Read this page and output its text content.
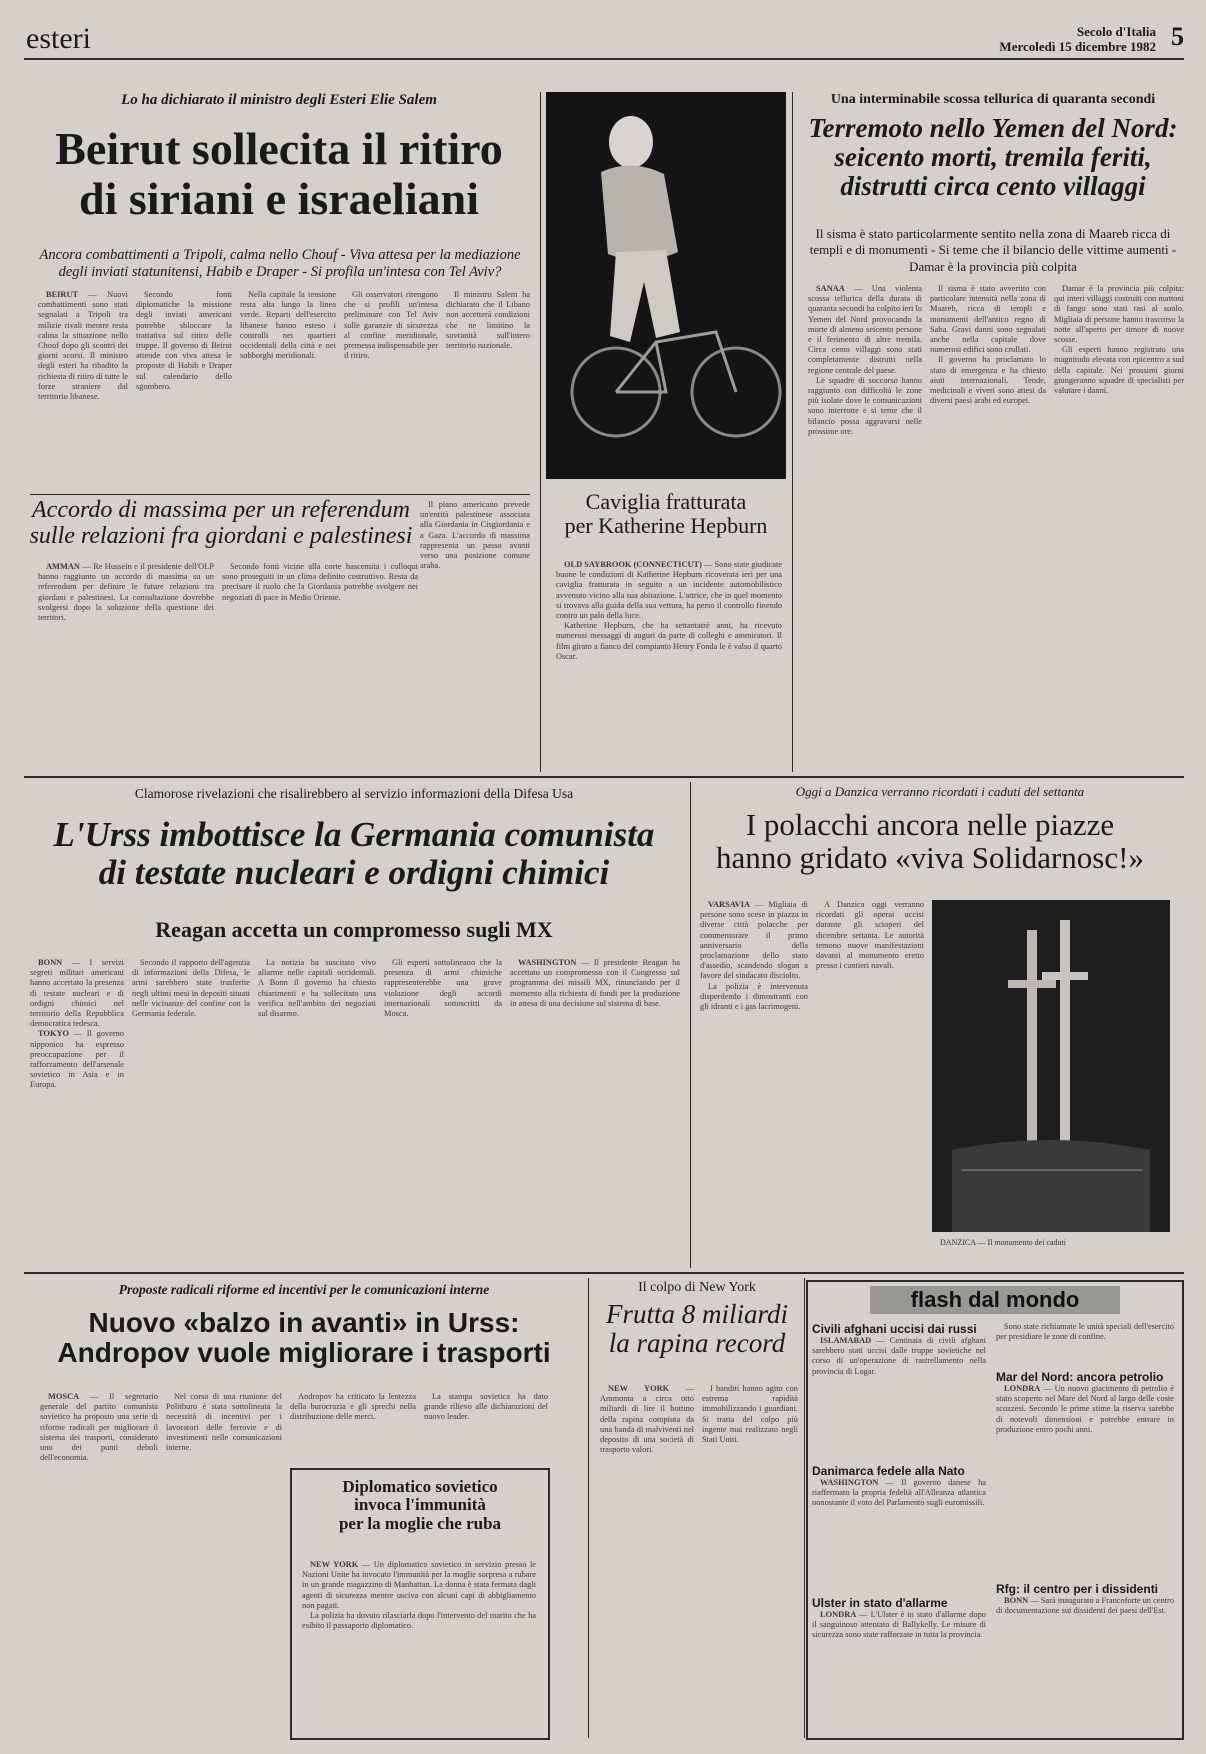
esteri	Secolo d'Italia
Mercoledì 15 dicembre 1982 5
Lo ha dichiarato il ministro degli Esteri Elie Salem
Beirut sollecita il ritiro
di siriani e israeliani
Ancora combattimenti a Tripoli, calma nello Chouf - Viva attesa per la mediazione degli inviati statunitensi, Habib e Draper - Si profila un'intesa con Tel Aviv?

BEIRUT — Nuovi combattimenti sono stati segnalati a Tripoli tra milizie rivali mentre resta calma la situazione nello Chouf dopo gli scontri dei giorni scorsi. Il ministro degli esteri ha ribadito la richiesta di ritiro di tutte le forze straniere dal territorio libanese.

Secondo fonti diplomatiche la missione degli inviati americani potrebbe sbloccare la trattativa sul ritiro delle truppe. Il governo di Beirut attende con viva attesa le proposte di Habib e Draper sul calendario dello sgombero.

Nella capitale la tensione resta alta lungo la linea verde. Reparti dell'esercito libanese hanno esteso i controlli nei quartieri occidentali della città e nei sobborghi meridionali.

Gli osservatori ritengono che si profili un'intesa preliminare con Tel Aviv sulle garanzie di sicurezza al confine meridionale, premessa indispensabile per il ritiro.

Il ministro Salem ha dichiarato che il Libano non accetterà condizioni che ne limitino la sovranità sull'intero territorio nazionale.

Accordo di massima per un referendum
sulle relazioni fra giordani e palestinesi

AMMAN — Re Hussein e il presidente dell'OLP hanno raggiunto un accordo di massima su un referendum per definire le future relazioni tra giordani e palestinesi. La consultazione dovrebbe svolgersi dopo la soluzione della questione dei territori.

Secondo fonti vicine alla corte hascemita i colloqui sono proseguiti in un clima definito costruttivo. Resta da precisare il ruolo che la Giordania potrebbe svolgere nei negoziati di pace in Medio Oriente.

Il piano americano prevede un'entità palestinese associata alla Giordania in Cisgiordania e a Gaza. L'accordo di massima rappresenta un passo avanti verso una posizione comune araba.

Caviglia fratturata
per Katherine Hepburn

OLD SAYBROOK (CONNECTICUT) — Sono state giudicate buone le condizioni di Katherine Hepburn ricoverata ieri per una caviglia fratturata in seguito a un incidente automobilistico avvenuto vicino alla sua abitazione. L'attrice, che in quel momento si trovava alla guida della sua vettura, ha perso il controllo finendo contro un palo della luce.

Katherine Hepburn, che ha settantatré anni, ha ricevuto numerosi messaggi di auguri da parte di colleghi e ammiratori. Il film girato a fianco del compianto Henry Fonda le è valso il quarto Oscar.

Una interminabile scossa tellurica di quaranta secondi
Terremoto nello Yemen del Nord:
seicento morti, tremila feriti,
distrutti circa cento villaggi
Il sisma è stato particolarmente sentito nella zona di Maareb ricca di templi e di monumenti - Si teme che il bilancio delle vittime aumenti - Damar è la provincia più colpita

SANAA — Una violenta scossa tellurica della durata di quaranta secondi ha colpito ieri lo Yemen del Nord provocando la morte di almeno seicento persone e il ferimento di altre tremila. Circa cento villaggi sono stati completamente distrutti nella regione centrale del paese.

Le squadre di soccorso hanno raggiunto con difficoltà le zone più isolate dove le comunicazioni sono interrotte e si teme che il bilancio possa aggravarsi nelle prossime ore.

Il sisma è stato avvertito con particolare intensità nella zona di Maareb, ricca di templi e monumenti dell'antico regno di Saba. Gravi danni sono segnalati anche nella capitale dove numerosi edifici sono crollati.

Il governo ha proclamato lo stato di emergenza e ha chiesto aiuti internazionali. Tende, medicinali e viveri sono attesi da diversi paesi arabi ed europei.

Damar è la provincia più colpita: qui interi villaggi costruiti con mattoni di fango sono stati rasi al suolo. Migliaia di persone hanno trascorso la notte all'aperto per timore di nuove scosse.

Gli esperti hanno registrato una magnitudo elevata con epicentro a sud della capitale. Nei prossimi giorni giungeranno squadre di specialisti per valutare i danni.

Clamorose rivelazioni che risalirebbero al servizio informazioni della Difesa Usa
L'Urss imbottisce la Germania comunista
di testate nucleari e ordigni chimici
Reagan accetta un compromesso sugli MX

BONN — I servizi segreti militari americani hanno accertato la presenza di testate nucleari e di ordigni chimici nel territorio della Repubblica democratica tedesca.

TOKYO — Il governo nipponico ha espresso preoccupazione per il rafforzamento dell'arsenale sovietico in Asia e in Europa.

Secondo il rapporto dell'agenzia di informazioni della Difesa, le armi sarebbero state trasferite negli ultimi mesi in depositi situati nelle vicinanze del confine con la Germania federale.

La notizia ha suscitato vivo allarme nelle capitali occidentali. A Bonn il governo ha chiesto chiarimenti e ha sollecitato una verifica nell'ambito dei negoziati sul disarmo.

Gli esperti sottolineano che la presenza di armi chimiche rappresenterebbe una grave violazione degli accordi internazionali sottoscritti da Mosca.

WASHINGTON — Il presidente Reagan ha accettato un compromesso con il Congresso sul programma dei missili MX, rinunciando per il momento alla richiesta di fondi per la produzione in attesa di una decisione sul sistema di base.

Oggi a Danzica verranno ricordati i caduti del settanta
I polacchi ancora nelle piazze
hanno gridato «viva Solidarnosc!»

VARSAVIA — Migliaia di persone sono scese in piazza in diverse città polacche per commemorare il primo anniversario della proclamazione dello stato d'assedio, scandendo slogan a favore del sindacato disciolto.

La polizia è intervenuta disperdendo i dimostranti con gli idranti e i gas lacrimogeni.

A Danzica oggi verranno ricordati gli operai uccisi durante gli scioperi del dicembre settanta. Le autorità temono nuove manifestazioni davanti al monumento eretto presso i cantieri navali.

DANZICA — Il monumento dei caduti
Proposte radicali riforme ed incentivi per le comunicazioni interne
Nuovo «balzo in avanti» in Urss:
Andropov vuole migliorare i trasporti

MOSCA — Il segretario generale del partito comunista sovietico ha proposto una serie di riforme radicali per migliorare il sistema dei trasporti, considerato uno dei punti deboli dell'economia.

Nel corso di una riunione del Politburo è stata sottolineata la necessità di incentivi per i lavoratori delle ferrovie e di investimenti nelle comunicazioni interne.

Andropov ha criticato la lentezza della burocrazia e gli sprechi nella distribuzione delle merci.

La stampa sovietica ha dato grande rilievo alle dichiarazioni del nuovo leader.

Diplomatico sovietico
invoca l'immunità
per la moglie che ruba

NEW YORK — Un diplomatico sovietico in servizio presso le Nazioni Unite ha invocato l'immunità per la moglie sorpresa a rubare in un grande magazzino di Manhattan. La donna è stata fermata dagli agenti di sicurezza mentre usciva con alcuni capi di abbigliamento non pagati.

La polizia ha dovuto rilasciarla dopo l'intervento del marito che ha esibito il passaporto diplomatico.

Il colpo di New York
Frutta 8 miliardi
la rapina record

NEW YORK — Ammonta a circa otto miliardi di lire il bottino della rapina compiuta da una banda di malviventi nel deposito di una società di trasporto valori.

I banditi hanno agito con estrema rapidità immobilizzando i guardiani. Si tratta del colpo più ingente mai realizzato negli Stati Uniti.

flash dal mondo
Civili afghani uccisi dai russi

ISLAMABAD — Centinaia di civili afghani sarebbero stati uccisi dalle truppe sovietiche nel corso di un'operazione di rastrellamento nella provincia di Logar.

Danimarca fedele alla Nato

WASHINGTON — Il governo danese ha riaffermato la propria fedeltà all'Alleanza atlantica nonostante il voto del Parlamento sugli euromissili.

Ulster in stato d'allarme

LONDRA — L'Ulster è in stato d'allarme dopo il sanguinoso attentato di Ballykelly. Le misure di sicurezza sono state rafforzate in tutta la provincia.

Sono state richiamate le unità speciali dell'esercito per presidiare le zone di confine.

Mar del Nord: ancora petrolio

LONDRA — Un nuovo giacimento di petrolio è stato scoperto nel Mare del Nord al largo delle coste scozzesi. Secondo le prime stime la riserva sarebbe di notevoli dimensioni e potrebbe entrare in produzione entro pochi anni.

Rfg: il centro per i dissidenti

BONN — Sarà inaugurato a Francoforte un centro di documentazione sui dissidenti dei paesi dell'Est.
